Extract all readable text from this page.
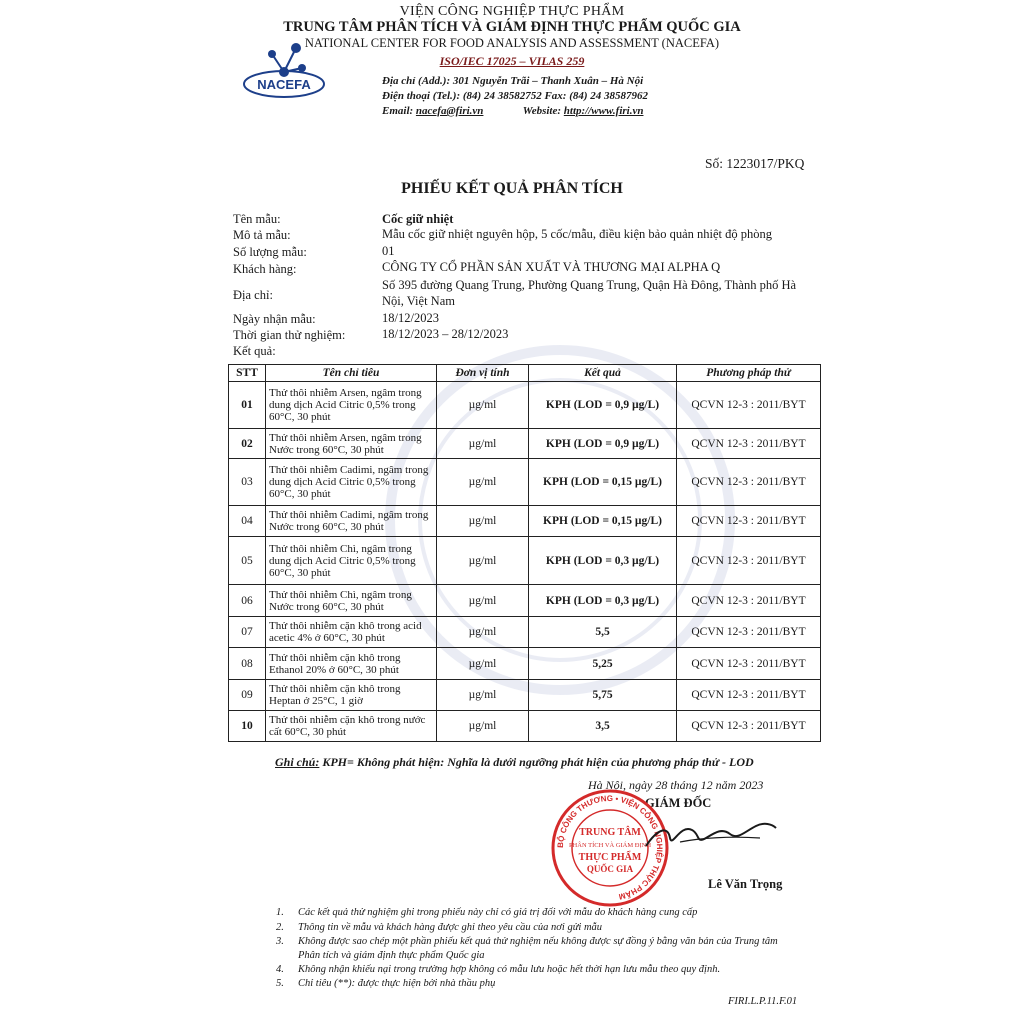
VIỆN CÔNG NGHIỆP THỰC PHẨM
TRUNG TÂM PHÂN TÍCH VÀ GIÁM ĐỊNH THỰC PHẨM QUỐC GIA
NATIONAL CENTER FOR FOOD ANALYSIS AND ASSESSMENT (NACEFA)
ISO/IEC 17025 – VILAS 259
NACEFA	Địa chỉ (Add.): 301 Nguyễn Trãi – Thanh Xuân – Hà Nội
Điện thoại (Tel.): (84) 24 38582752 Fax: (84) 24 38587962
Email: nacefa@firi.vn	Website: http://www.firi.vn
Số: 1223017/PKQ
PHIẾU KẾT QUẢ PHÂN TÍCH
Tên mẫu:	Cốc giữ nhiệt
Mô tả mẫu:	Mẫu cốc giữ nhiệt nguyên hộp, 5 cốc/mẫu, điều kiện bảo quản nhiệt độ phòng
Số lượng mẫu:	01
Khách hàng:	CÔNG TY CỔ PHẦN SẢN XUẤT VÀ THƯƠNG MẠI ALPHA Q
Địa chỉ:
Số 395 đường Quang Trung, Phường Quang Trung, Quận Hà Đông, Thành phố Hà
Nội, Việt Nam
Ngày nhận mẫu:	18/12/2023
Thời gian thử nghiệm:	18/12/2023 – 28/12/2023
Kết quả:
STT	Tên chỉ tiêu	Đơn vị tính	Kết quả	Phương pháp thử
01	Thử thôi nhiễm Arsen, ngâm trong dung dịch Acid Citric 0,5% trong 60°C, 30 phút	µg/ml	KPH (LOD = 0,9 µg/L)	QCVN 12-3 : 2011/BYT
02	Thử thôi nhiễm Arsen, ngâm trong Nước trong 60°C, 30 phút	µg/ml	KPH (LOD = 0,9 µg/L)	QCVN 12-3 : 2011/BYT
03	Thử thôi nhiễm Cadimi, ngâm trong dung dịch Acid Citric 0,5% trong 60°C, 30 phút	µg/ml	KPH (LOD = 0,15 µg/L)	QCVN 12-3 : 2011/BYT
04	Thử thôi nhiễm Cadimi, ngâm trong Nước trong 60°C, 30 phút	µg/ml	KPH (LOD = 0,15 µg/L)	QCVN 12-3 : 2011/BYT
05	Thử thôi nhiễm Chì, ngâm trong dung dịch Acid Citric 0,5% trong 60°C, 30 phút	µg/ml	KPH (LOD = 0,3 µg/L)	QCVN 12-3 : 2011/BYT
06	Thử thôi nhiễm Chì, ngâm trong Nước trong 60°C, 30 phút	µg/ml	KPH (LOD = 0,3 µg/L)	QCVN 12-3 : 2011/BYT
07	Thử thôi nhiễm cặn khô trong acid acetic 4% ở 60°C, 30 phút	µg/ml	5,5	QCVN 12-3 : 2011/BYT
08	Thử thôi nhiễm cặn khô trong Ethanol 20% ở 60°C, 30 phút	µg/ml	5,25	QCVN 12-3 : 2011/BYT
09	Thử thôi nhiễm cặn khô trong Heptan ở 25°C, 1 giờ	µg/ml	5,75	QCVN 12-3 : 2011/BYT
10	Thử thôi nhiễm cặn khô trong nước cất 60°C, 30 phút	µg/ml	3,5	QCVN 12-3 : 2011/BYT
Ghi chú: KPH= Không phát hiện: Nghĩa là dưới ngưỡng phát hiện của phương pháp thử - LOD
Hà Nội, ngày 28 tháng 12 năm 2023
GIÁM ĐỐC
BỘ CÔNG THƯƠNG • VIỆN CÔNG NGHIỆP THỰC PHẨM
TRUNG TÂM
PHÂN TÍCH VÀ GIÁM ĐỊNH
THỰC PHẨM
QUỐC GIA
Lê Văn Trọng
1. Các kết quả thử nghiệm ghi trong phiếu này chỉ có giá trị đối với mẫu do khách hàng cung cấp
2. Thông tin về mẫu và khách hàng được ghi theo yêu cầu của nơi gửi mẫu
3. Không được sao chép một phần phiếu kết quả thử nghiệm nếu không được sự đồng ý bằng văn bản của Trung tâm
Phân tích và giám định thực phẩm Quốc gia
4. Không nhận khiếu nại trong trường hợp không có mẫu lưu hoặc hết thời hạn lưu mẫu theo quy định.
5. Chỉ tiêu (**): được thực hiện bởi nhà thầu phụ
FIRI.L.P.11.F.01
